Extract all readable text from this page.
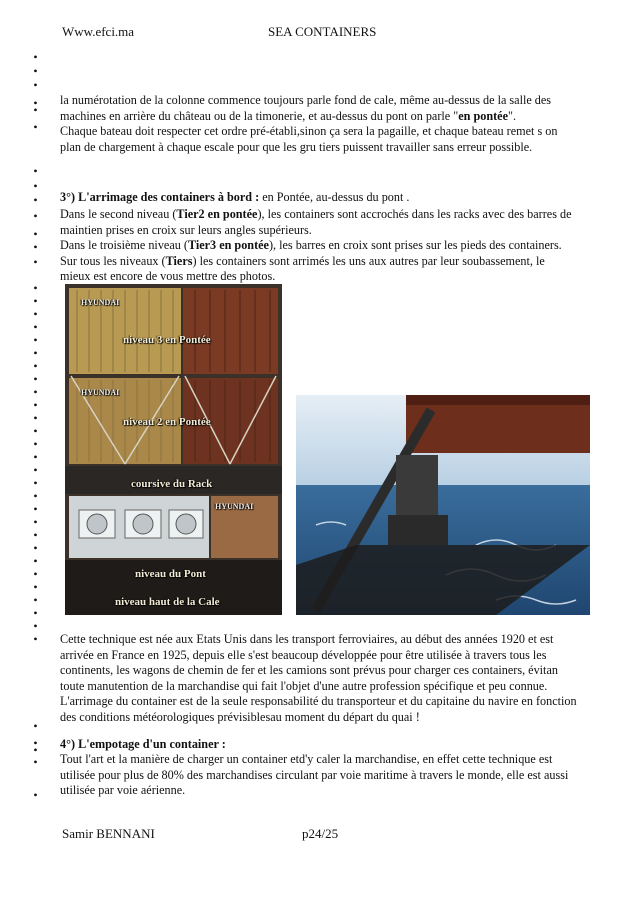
Www.efci.ma	SEA CONTAINERS
•
•
•
•
•
•
•
•
•
•
•
•
•
•
•
•
•
•
•
•
•
•
•
•
•
•
•
•
•
•
•
•
•
•
•
•
•
•
•
•
•
•
•
•
•
•
la numérotation de la colonne commence toujours parle fond de cale, même au-dessus de la salle des machines en arrière du château ou de la timonerie, et au-dessus du pont on parle "en pontée".
Chaque bateau doit respecter cet ordre pré-établi,sinon ça sera la pagaille, et chaque bateau remet s on plan de chargement à chaque escale pour que les gru tiers puissent travailler sans erreur possible.
3°) L'arrimage des containers à bord : en Pontée, au-dessus du pont .
Dans le second niveau (Tier2 en pontée), les containers sont accrochés dans les racks avec des barres de maintien prises en croix sur leurs angles supérieurs.
Dans le troisième niveau (Tier3 en pontée), les barres en croix sont prises sur les pieds des containers. Sur tous les niveaux (Tiers) les containers sont arrimés les uns aux autres par leur soubassement, le mieux est encore de vous mettre des photos.
HYUNDAI
HYUNDAI
HYUNDAI
niveau 3 en Pontée
niveau 2 en Pontée
coursive du Rack
niveau du Pont
niveau haut de la Cale
Cette technique est née aux Etats Unis dans les transport ferroviaires, au début des années 1920 et est arrivée en France en 1925, depuis elle s'est beaucoup développée pour être utilisée à travers tous les continents, les wagons de chemin de fer et les camions sont prévus pour charger ces containers, évitan toute manutention de la marchandise qui fait l'objet d'une autre profession spécifique et peu connue. L'arrimage du container est de la seule responsabilité du transporteur et du capitaine du navire en fonction des conditions météorologiques prévisiblesau moment du départ du quai !
4°) L'empotage d'un container :
Tout l'art et la manière de charger un container etd'y caler la marchandise, en effet cette technique est utilisée pour plus de 80% des marchandises circulant par voie maritime à travers le monde, elle est aussi utilisée par voie aérienne.
Samir BENNANI	p24/25
